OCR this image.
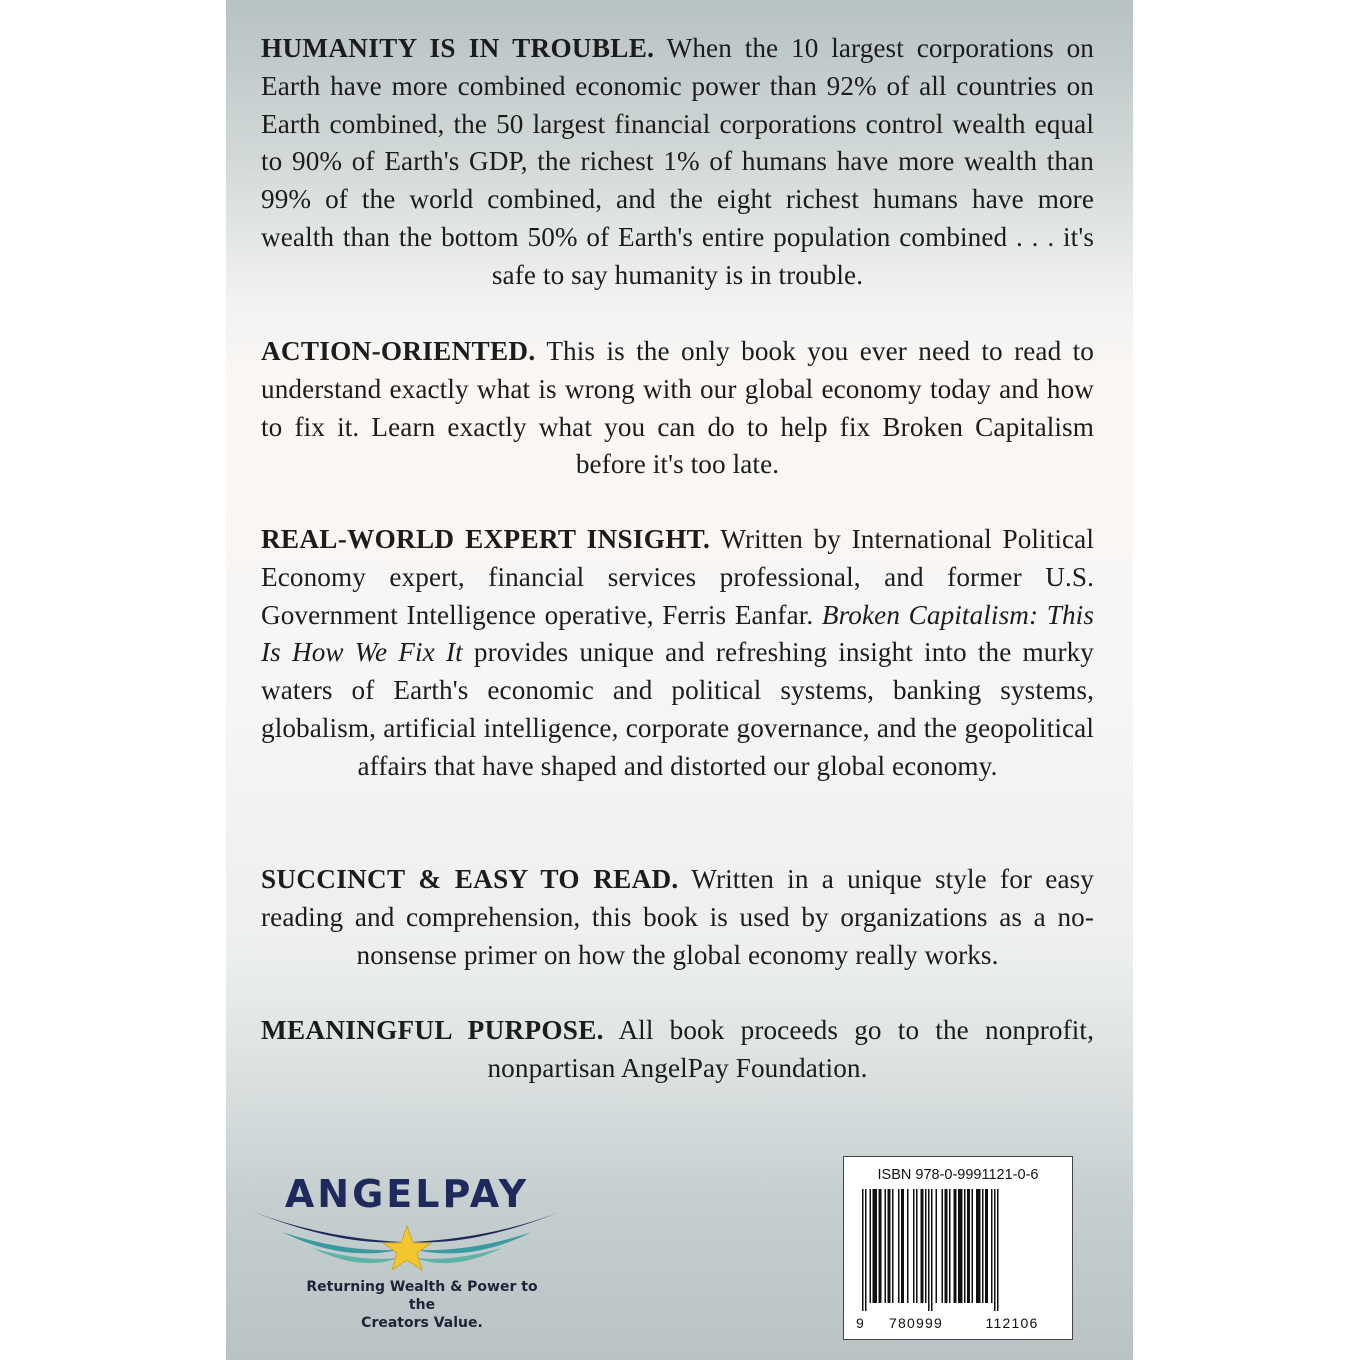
HUMANITY IS IN TROUBLE. When the 10 largest corporations on Earth have more combined economic power than 92% of all countries on Earth combined, the 50 largest financial corporations control wealth equal to 90% of Earth's GDP, the richest 1% of humans have more wealth than 99% of the world combined, and the eight richest humans have more wealth than the bottom 50% of Earth's entire population combined . . . it's safe to say humanity is in trouble.

ACTION-ORIENTED. This is the only book you ever need to read to understand exactly what is wrong with our global economy today and how to fix it. Learn exactly what you can do to help fix Broken Capitalism before it's too late.

REAL-WORLD EXPERT INSIGHT. Written by International Political Economy expert, financial services professional, and former U.S. Government Intelligence operative, Ferris Eanfar. Broken Capitalism: This Is How We Fix It provides unique and refreshing insight into the murky waters of Earth's economic and political systems, banking systems, globalism, artificial intelligence, corporate governance, and the geopolitical affairs that have shaped and distorted our global economy.

SUCCINCT & EASY TO READ. Written in a unique style for easy reading and comprehension, this book is used by organizations as a no-nonsense primer on how the global economy really works.

MEANINGFUL PURPOSE. All book proceeds go to the nonprofit, nonpartisan AngelPay Foundation.

ANGELPAY
Returning Wealth & Power to the
Creators Value.
ISBN 978-0-9991121-0-6
9	780999	112106
